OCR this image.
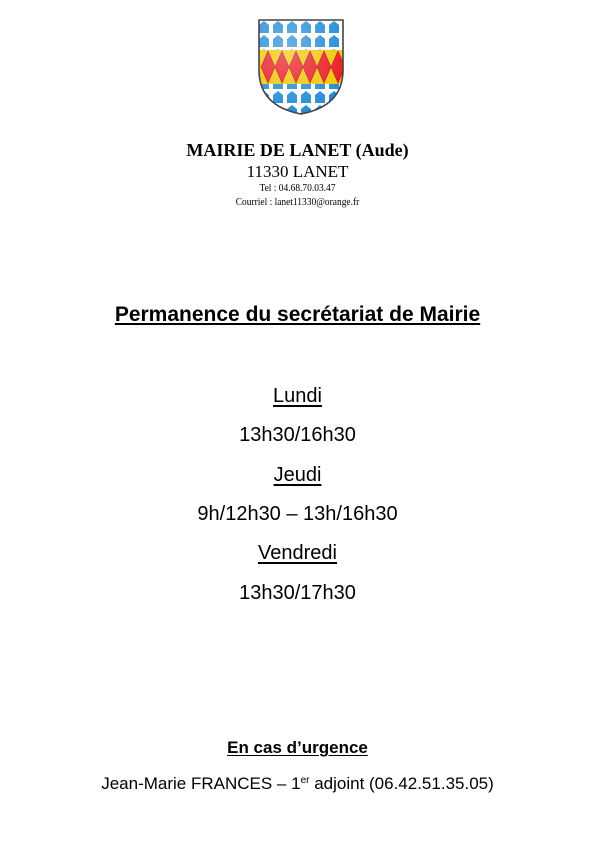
MAIRIE DE LANET (Aude)
11330 LANET
Tel : 04.68.70.03.47
Courriel : lanet11330@orange.fr
Permanence du secrétariat de Mairie
Lundi
13h30/16h30
Jeudi
9h/12h30 – 13h/16h30
Vendredi
13h30/17h30
En cas d’urgence
Jean-Marie FRANCES – 1er adjoint (06.42.51.35.05)
